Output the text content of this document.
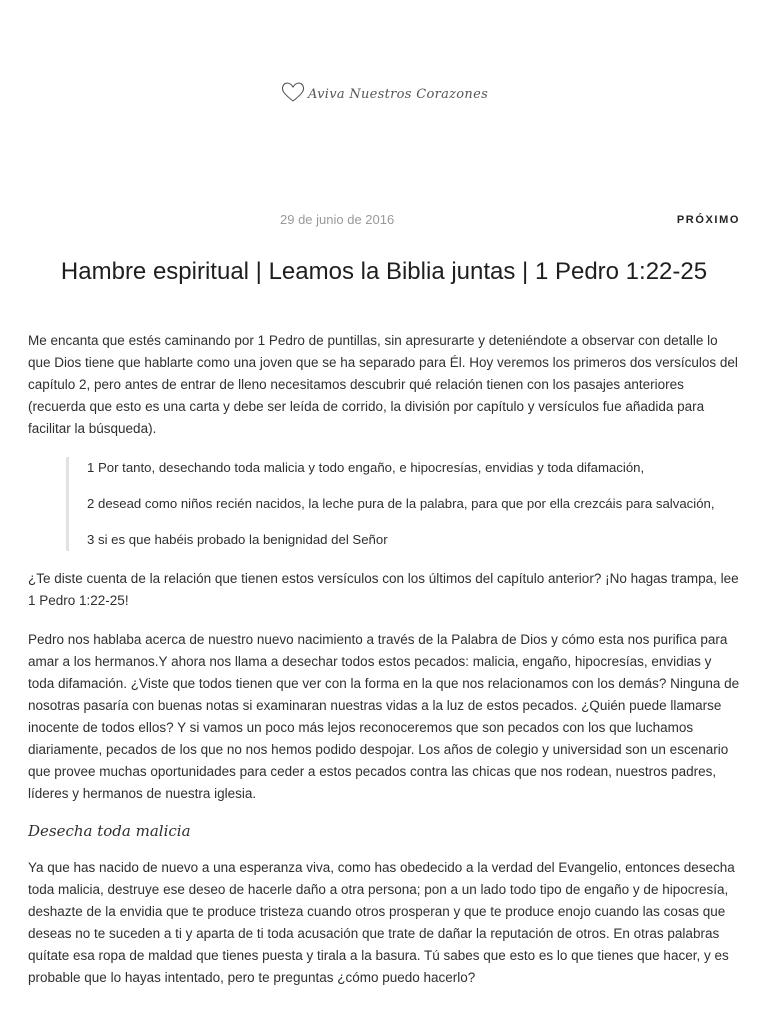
Aviva Nuestros Corazones
29 de junio de 2016	PRÓXIMO
Hambre espiritual | Leamos la Biblia juntas | 1 Pedro 1:22-25

Me encanta que estés caminando por 1 Pedro de puntillas, sin apresurarte y deteniéndote a observar con detalle lo que Dios tiene que hablarte como una joven que se ha separado para Él. Hoy veremos los primeros dos versículos del capítulo 2, pero antes de entrar de lleno necesitamos descubrir qué relación tienen con los pasajes anteriores (recuerda que esto es una carta y debe ser leída de corrido, la división por capítulo y versículos fue añadida para facilitar la búsqueda).

1 Por tanto, desechando toda malicia y todo engaño, e hipocresías, envidias y toda difamación,

2 desead como niños recién nacidos, la leche pura de la palabra, para que por ella crezcáis para salvación,

3 si es que habéis probado la benignidad del Señor

¿Te diste cuenta de la relación que tienen estos versículos con los últimos del capítulo anterior? ¡No hagas trampa, lee 1 Pedro 1:22-25!

Pedro nos hablaba acerca de nuestro nuevo nacimiento a través de la Palabra de Dios y cómo esta nos purifica para amar a los hermanos.Y ahora nos llama a desechar todos estos pecados: malicia, engaño, hipocresías, envidias y toda difamación. ¿Viste que todos tienen que ver con la forma en la que nos relacionamos con los demás? Ninguna de nosotras pasaría con buenas notas si examinaran nuestras vidas a la luz de estos pecados. ¿Quién puede llamarse inocente de todos ellos? Y si vamos un poco más lejos reconoceremos que son pecados con los que luchamos diariamente, pecados de los que no nos hemos podido despojar. Los años de colegio y universidad son un escenario que provee muchas oportunidades para ceder a estos pecados contra las chicas que nos rodean, nuestros padres, líderes y hermanos de nuestra iglesia.

Desecha toda malicia

Ya que has nacido de nuevo a una esperanza viva, como has obedecido a la verdad del Evangelio, entonces desecha toda malicia, destruye ese deseo de hacerle daño a otra persona; pon a un lado todo tipo de engaño y de hipocresía, deshazte de la envidia que te produce tristeza cuando otros prosperan y que te produce enojo cuando las cosas que deseas no te suceden a ti y aparta de ti toda acusación que trate de dañar la reputación de otros. En otras palabras quítate esa ropa de maldad que tienes puesta y tirala a la basura. Tú sabes que esto es lo que tienes que hacer, y es probable que lo hayas intentado, pero te preguntas ¿cómo puedo hacerlo?
